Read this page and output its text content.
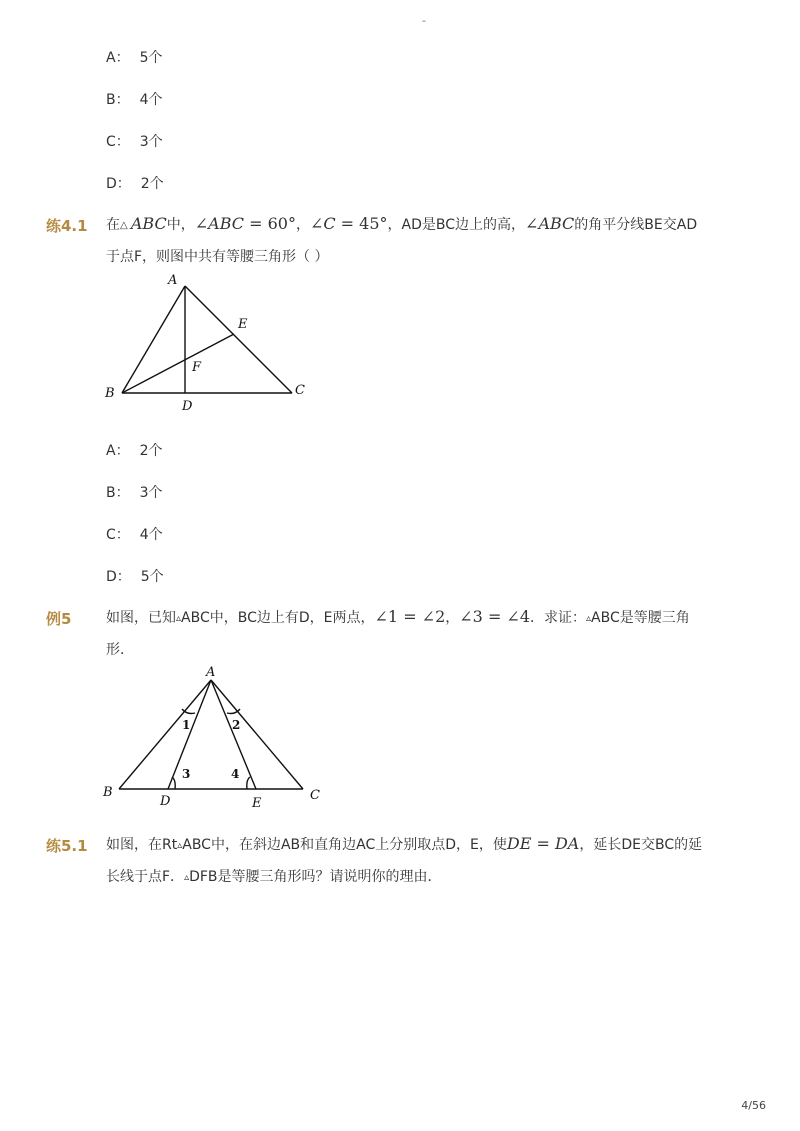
-
A： 5个
B： 4个
C： 3个
D： 2个
练4.1 在△ ABC中，∠ABC = 60°，∠C = 45°，AD是BC边上的高，∠ABC的角平分线BE交AD
于点F，则图中共有等腰三角形（ ）
A
B	C
D
E
F
A： 2个
B： 3个
C： 4个
D： 5个
例5 如图，已知▵ABC中，BC边上有D，E两点，∠1 = ∠2，∠3 = ∠4．求证：▵ABC是等腰三角
形．
A
B	C
D	E
1	2
3	4
练5.1 如图，在Rt▵ABC中，在斜边AB和直角边AC上分别取点D，E，使DE = DA，延长DE交BC的延
长线于点F．▵DFB是等腰三角形吗？请说明你的理由．
4/56
